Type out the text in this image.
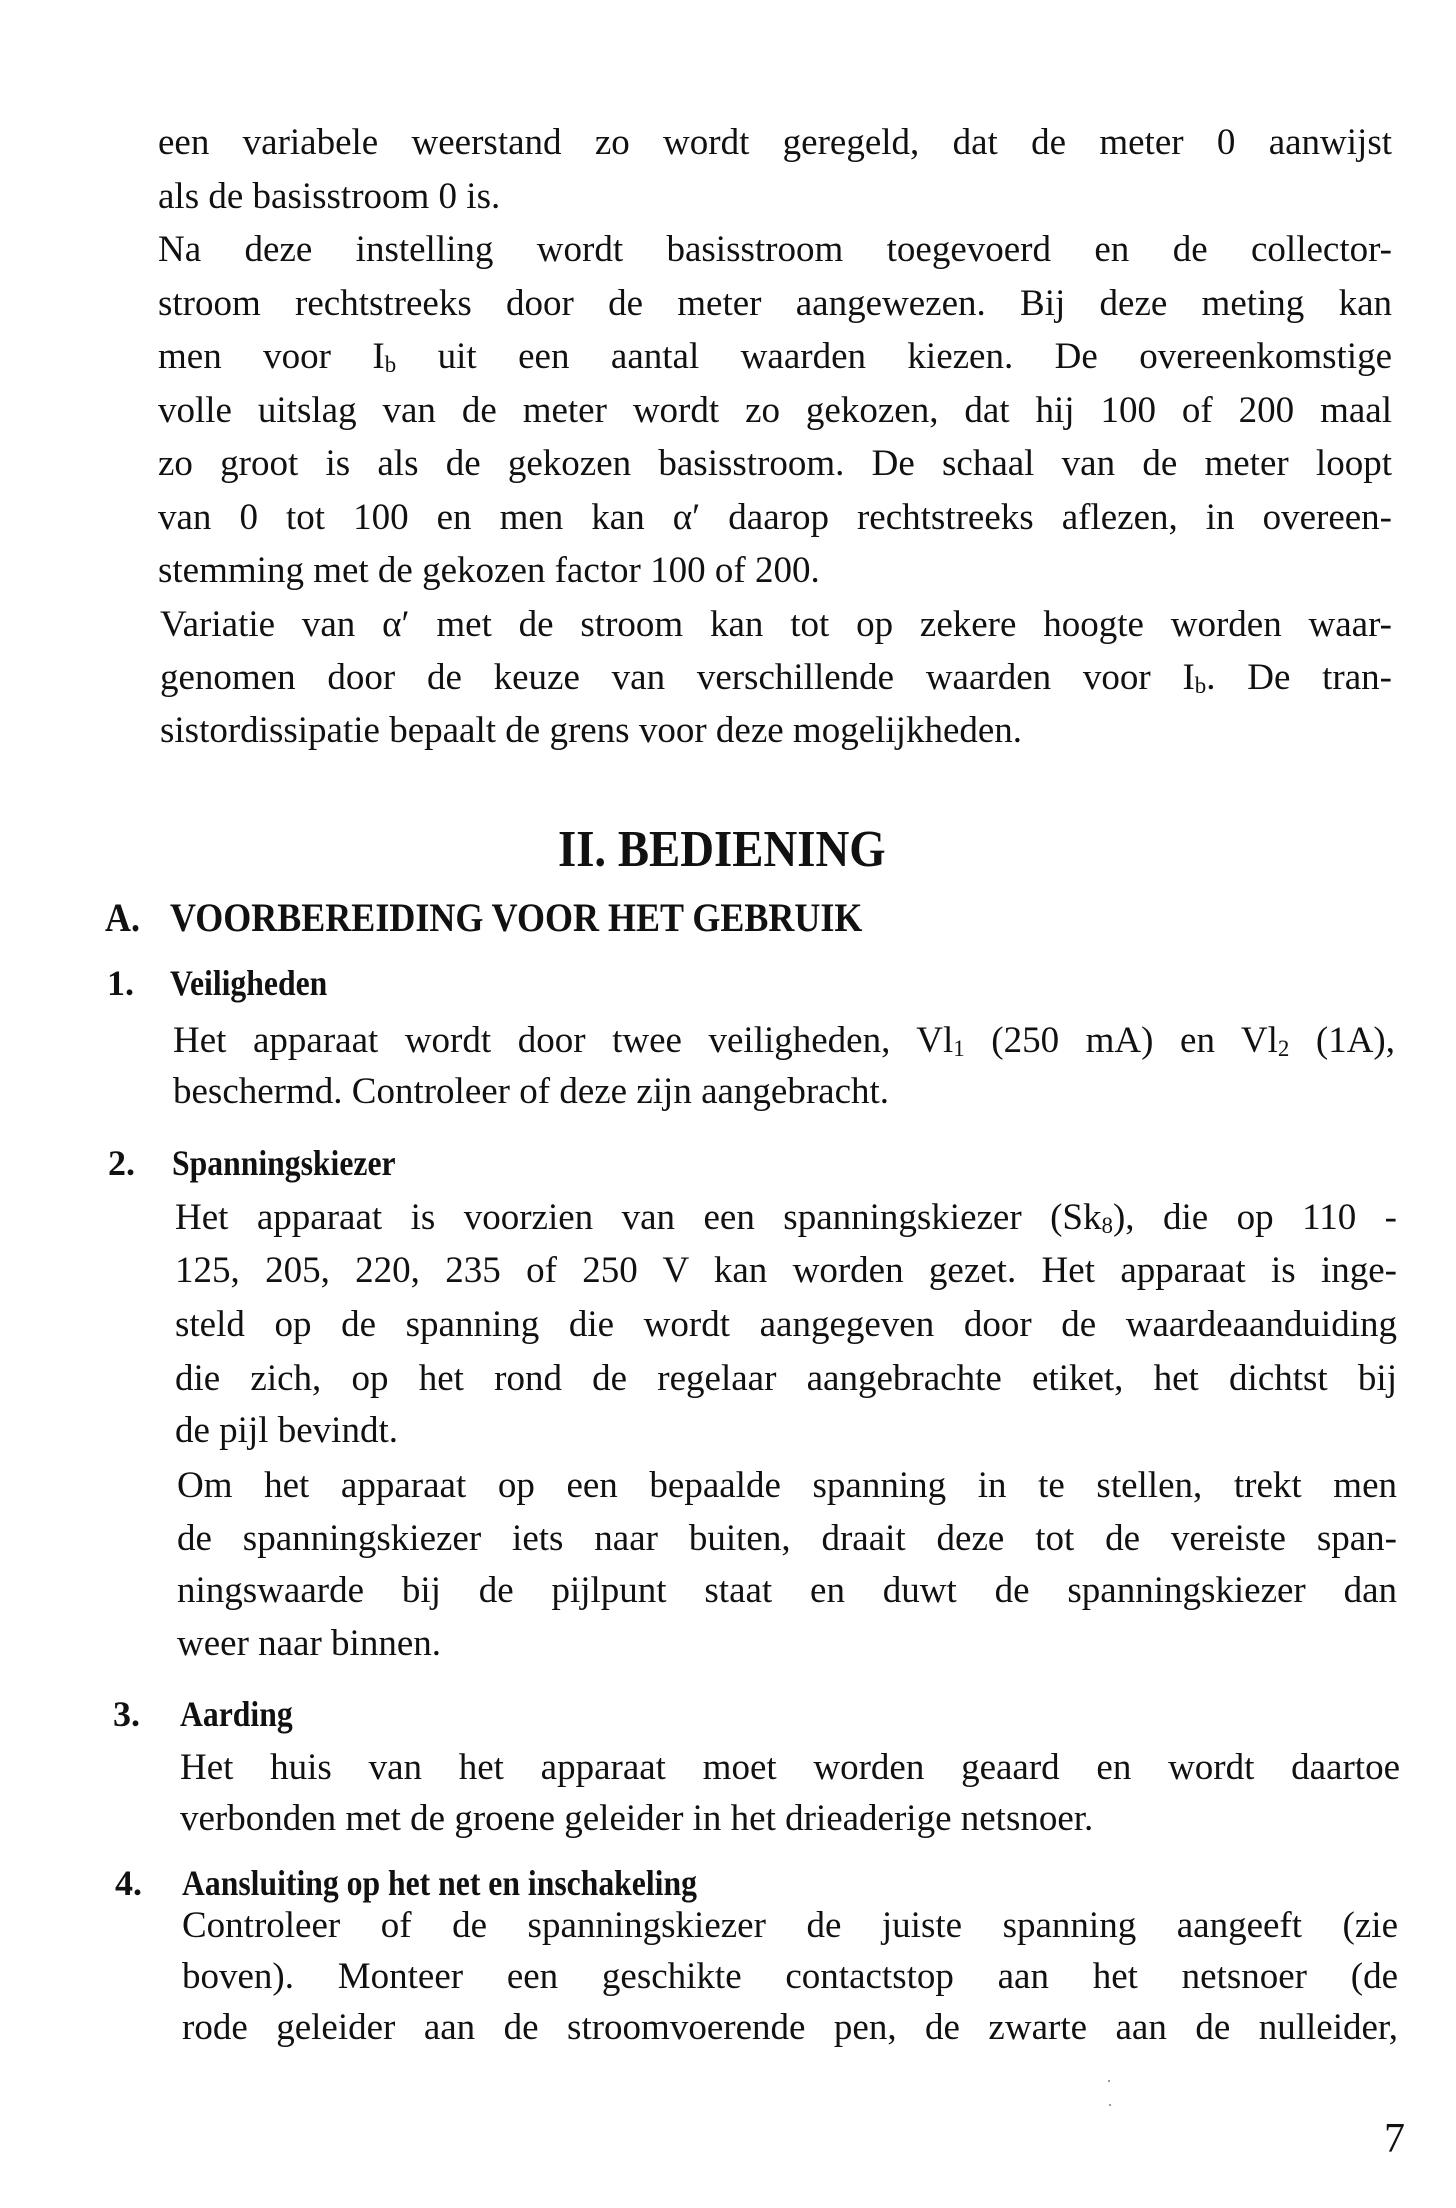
een variabele weerstand zo wordt geregeld, dat de meter 0 aanwijst
als de basisstroom 0 is.
Na deze instelling wordt basisstroom toegevoerd en de collector-
stroom rechtstreeks door de meter aangewezen. Bij deze meting kan
men voor $I_b$ uit een aantal waarden kiezen. De overeenkomstige
volle uitslag van de meter wordt zo gekozen, dat hij 100 of 200 maal
zo groot is als de gekozen basisstroom. De schaal van de meter loopt
van 0 tot 100 en men kan α′ daarop rechtstreeks aflezen, in overeen-
stemming met de gekozen factor 100 of 200.
Variatie van α′ met de stroom kan tot op zekere hoogte worden waar-
genomen door de keuze van verschillende waarden voor $I_b$. De tran-
sistordissipatie bepaalt de grens voor deze mogelijkheden.
II. BEDIENING
A. VOORBEREIDING VOOR HET GEBRUIK
1. Veiligheden
Het apparaat wordt door twee veiligheden, $Vl_1$ (250 mA) en $Vl_2$ (1A),
beschermd. Controleer of deze zijn aangebracht.
2. Spanningskiezer
Het apparaat is voorzien van een spanningskiezer $(Sk_8)$, die op 110 -
125, 205, 220, 235 of 250 V kan worden gezet. Het apparaat is inge-
steld op de spanning die wordt aangegeven door de waardeaanduiding
die zich, op het rond de regelaar aangebrachte etiket, het dichtst bij
de pijl bevindt.
Om het apparaat op een bepaalde spanning in te stellen, trekt men
de spanningskiezer iets naar buiten, draait deze tot de vereiste span-
ningswaarde bij de pijlpunt staat en duwt de spanningskiezer dan
weer naar binnen.
3. Aarding
Het huis van het apparaat moet worden geaard en wordt daartoe
verbonden met de groene geleider in het drieaderige netsnoer.
4. Aansluiting op het net en inschakeling
Controleer of de spanningskiezer de juiste spanning aangeeft (zie
boven). Monteer een geschikte contactstop aan het netsnoer (de
rode geleider aan de stroomvoerende pen, de zwarte aan de nulleider,
7
